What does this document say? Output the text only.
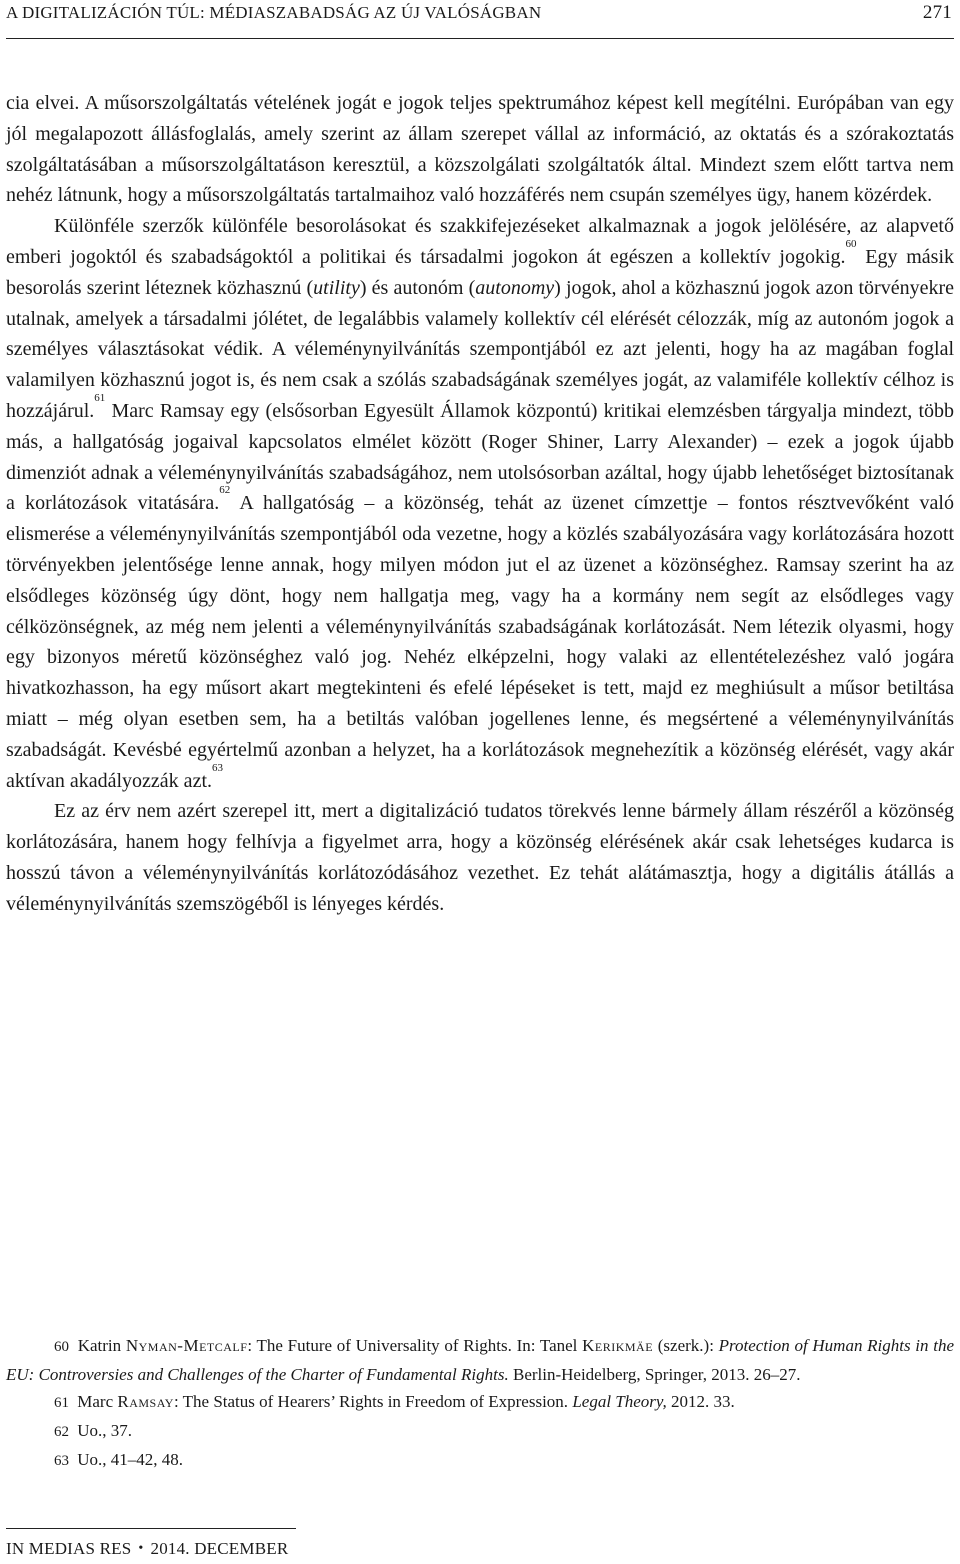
A DIGITALIZÁCIÓN TÚL: MÉDIASZABADSÁG AZ ÚJ VALÓSÁGBAN	271

cia elvei. A műsorszolgáltatás vételének jogát e jogok teljes spektrumához képest kell megítélni. Európában van egy jól megalapozott állásfoglalás, amely szerint az állam szerepet vállal az információ, az oktatás és a szórakoztatás szolgáltatásában a műsorszolgáltatáson keresztül, a közszolgálati szolgáltatók által. Mindezt szem előtt tartva nem nehéz látnunk, hogy a műsorszolgáltatás tartalmaihoz való hozzáférés nem csupán személyes ügy, hanem közérdek.

Különféle szerzők különféle besorolásokat és szakkifejezéseket alkalmaznak a jogok jelölésére, az alapvető emberi jogoktól és szabadságoktól a politikai és társadalmi jogokon át egészen a kollektív jogokig.$^{60}$ Egy másik besorolás szerint léteznek közhasznú (utility) és autonóm (autonomy) jogok, ahol a közhasznú jogok azon törvényekre utalnak, amelyek a társadalmi jólétet, de legalábbis valamely kollektív cél elérését célozzák, míg az autonóm jogok a személyes választásokat védik. A véleménynyilvánítás szempontjából ez azt jelenti, hogy ha az magában foglal valamilyen közhasznú jogot is, és nem csak a szólás szabadságának személyes jogát, az valamiféle kollektív célhoz is hozzájárul.$^{61}$ Marc Ramsay egy (elsősorban Egyesült Államok központú) kritikai elemzésben tárgyalja mindezt, több más, a hallgatóság jogaival kapcsolatos elmélet között (Roger Shiner, Larry Alexander) – ezek a jogok újabb dimenziót adnak a véleménynyilvánítás szabadságához, nem utolsósorban azáltal, hogy újabb lehetőséget biztosítanak a korlátozások vitatására.$^{62}$ A hallgatóság – a közönség, tehát az üzenet címzettje – fontos résztvevőként való elismerése a véleménynyilvánítás szempontjából oda vezetne, hogy a közlés szabályozására vagy korlátozására hozott törvényekben jelentősége lenne annak, hogy milyen módon jut el az üzenet a közönséghez. Ramsay szerint ha az elsődleges közönség úgy dönt, hogy nem hallgatja meg, vagy ha a kormány nem segít az elsődleges vagy célközönségnek, az még nem jelenti a véleménynyilvánítás szabadságának korlátozását. Nem létezik olyasmi, hogy egy bizonyos méretű közönséghez való jog. Nehéz elképzelni, hogy valaki az ellentételezéshez való jogára hivatkozhasson, ha egy műsort akart megtekinteni és efelé lépéseket is tett, majd ez meghiúsult a műsor betiltása miatt – még olyan esetben sem, ha a betiltás valóban jogellenes lenne, és megsértené a véleménynyilvánítás szabadságát. Kevésbé egyértelmű azonban a helyzet, ha a korlátozások megnehezítik a közönség elérését, vagy akár aktívan akadályozzák azt.$^{63}$

Ez az érv nem azért szerepel itt, mert a digitalizáció tudatos törekvés lenne bármely állam részéről a közönség korlátozására, hanem hogy felhívja a figyelmet arra, hogy a közönség elérésének akár csak lehetséges kudarca is hosszú távon a véleménynyilvánítás korlátozódásához vezethet. Ez tehát alátámasztja, hogy a digitális átállás a véleménynyilvánítás szemszögéből is lényeges kérdés.

60 Katrin Nyman-Metcalf: The Future of Universality of Rights. In: Tanel Kerikmäe (szerk.): Protection of Human Rights in the EU: Controversies and Challenges of the Charter of Fundamental Rights. Berlin-Heidelberg, Springer, 2013. 26–27.

61 Marc Ramsay: The Status of Hearers’ Rights in Freedom of Expression. Legal Theory, 2012. 33.

62 Uo., 37.

63 Uo., 41–42, 48.

IN MEDIAS RES • 2014. DECEMBER
